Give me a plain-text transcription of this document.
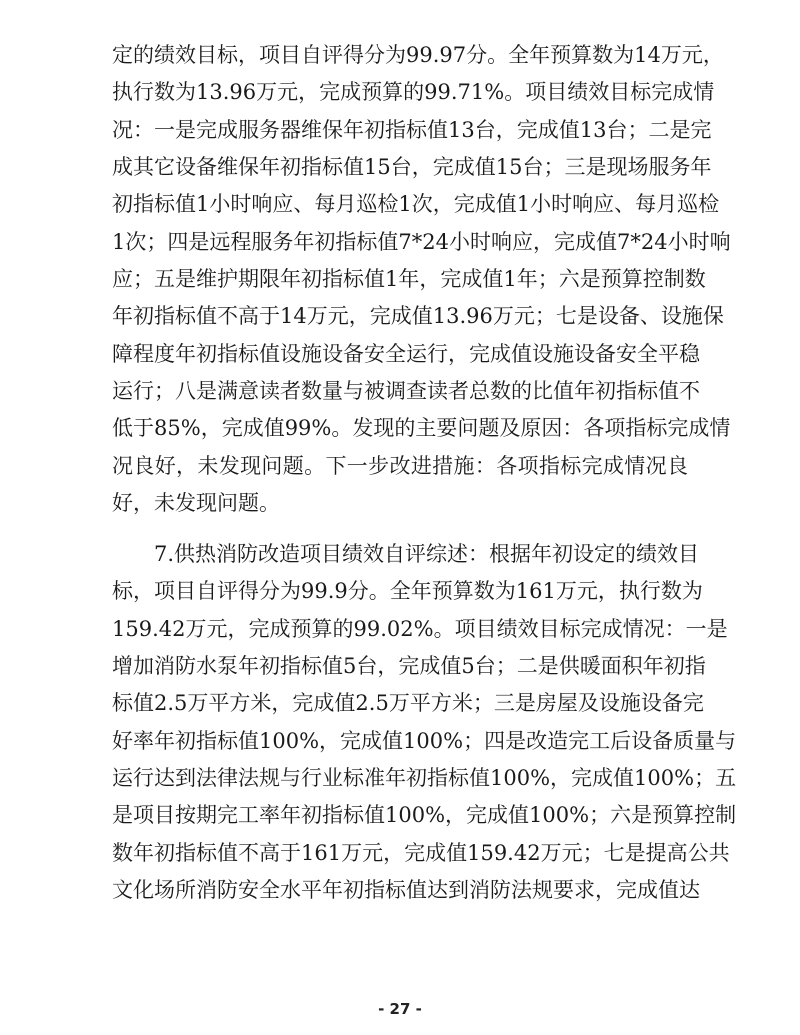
定 的 绩 效 目 标 ， 项 目 自 评 得 分 为 99.97 分 。 全 年 预 算 数 为 14 万 元 ，
执 行 数 为 13.96 万 元 ， 完 成 预 算 的 99.71% 。 项 目 绩 效 目 标 完 成 情
况 ： 一 是 完 成 服 务 器 维 保 年 初 指 标 值 13 台 ， 完 成 值 13 台 ； 二 是 完
成 其 它 设 备 维 保 年 初 指 标 值 15 台 ， 完 成 值 15 台 ； 三 是 现 场 服 务 年
初 指 标 值 1 小 时 响 应 、 每 月 巡 检 1 次 ， 完 成 值 1 小 时 响 应 、 每 月 巡 检
1 次 ； 四 是 远 程 服 务 年 初 指 标 值 7*24 小 时 响 应 ， 完 成 值 7*24 小 时 响
应 ； 五 是 维 护 期 限 年 初 指 标 值 1 年 ， 完 成 值 1 年 ； 六 是 预 算 控 制 数
年 初 指 标 值 不 高 于 14 万 元 ， 完 成 值 13.96 万 元 ； 七 是 设 备 、 设 施 保
障 程 度 年 初 指 标 值 设 施 设 备 安 全 运 行 ， 完 成 值 设 施 设 备 安 全 平 稳
运 行 ； 八 是 满 意 读 者 数 量 与 被 调 查 读 者 总 数 的 比 值 年 初 指 标 值 不
低 于 85% ， 完 成 值 99% 。 发 现 的 主 要 问 题 及 原 因 ： 各 项 指 标 完 成 情
况 良 好 ， 未 发 现 问 题 。 下 一 步 改 进 措 施 ： 各 项 指 标 完 成 情 况 良
好，未发现问题。
7. 供 热 消 防 改 造 项 目 绩 效 自 评 综 述 ： 根 据 年 初 设 定 的 绩 效 目
标 ， 项 目 自 评 得 分 为 99.9 分 。 全 年 预 算 数 为 161 万 元 ， 执 行 数 为
159.42 万 元 ， 完 成 预 算 的 99.02% 。 项 目 绩 效 目 标 完 成 情 况 ： 一 是
增 加 消 防 水 泵 年 初 指 标 值 5 台 ， 完 成 值 5 台 ； 二 是 供 暖 面 积 年 初 指
标 值 2.5 万 平 方 米 ， 完 成 值 2.5 万 平 方 米 ； 三 是 房 屋 及 设 施 设 备 完
好 率 年 初 指 标 值 100% ， 完 成 值 100% ； 四 是 改 造 完 工 后 设 备 质 量 与
运 行 达 到 法 律 法 规 与 行 业 标 准 年 初 指 标 值 100% ， 完 成 值 100% ； 五
是 项 目 按 期 完 工 率 年 初 指 标 值 100% ， 完 成 值 100% ； 六 是 预 算 控 制
数 年 初 指 标 值 不 高 于 161 万 元 ， 完 成 值 159.42 万 元 ； 七 是 提 高 公 共
文 化 场 所 消 防 安 全 水 平 年 初 指 标 值 达 到 消 防 法 规 要 求 ， 完 成 值 达
- 27 -
